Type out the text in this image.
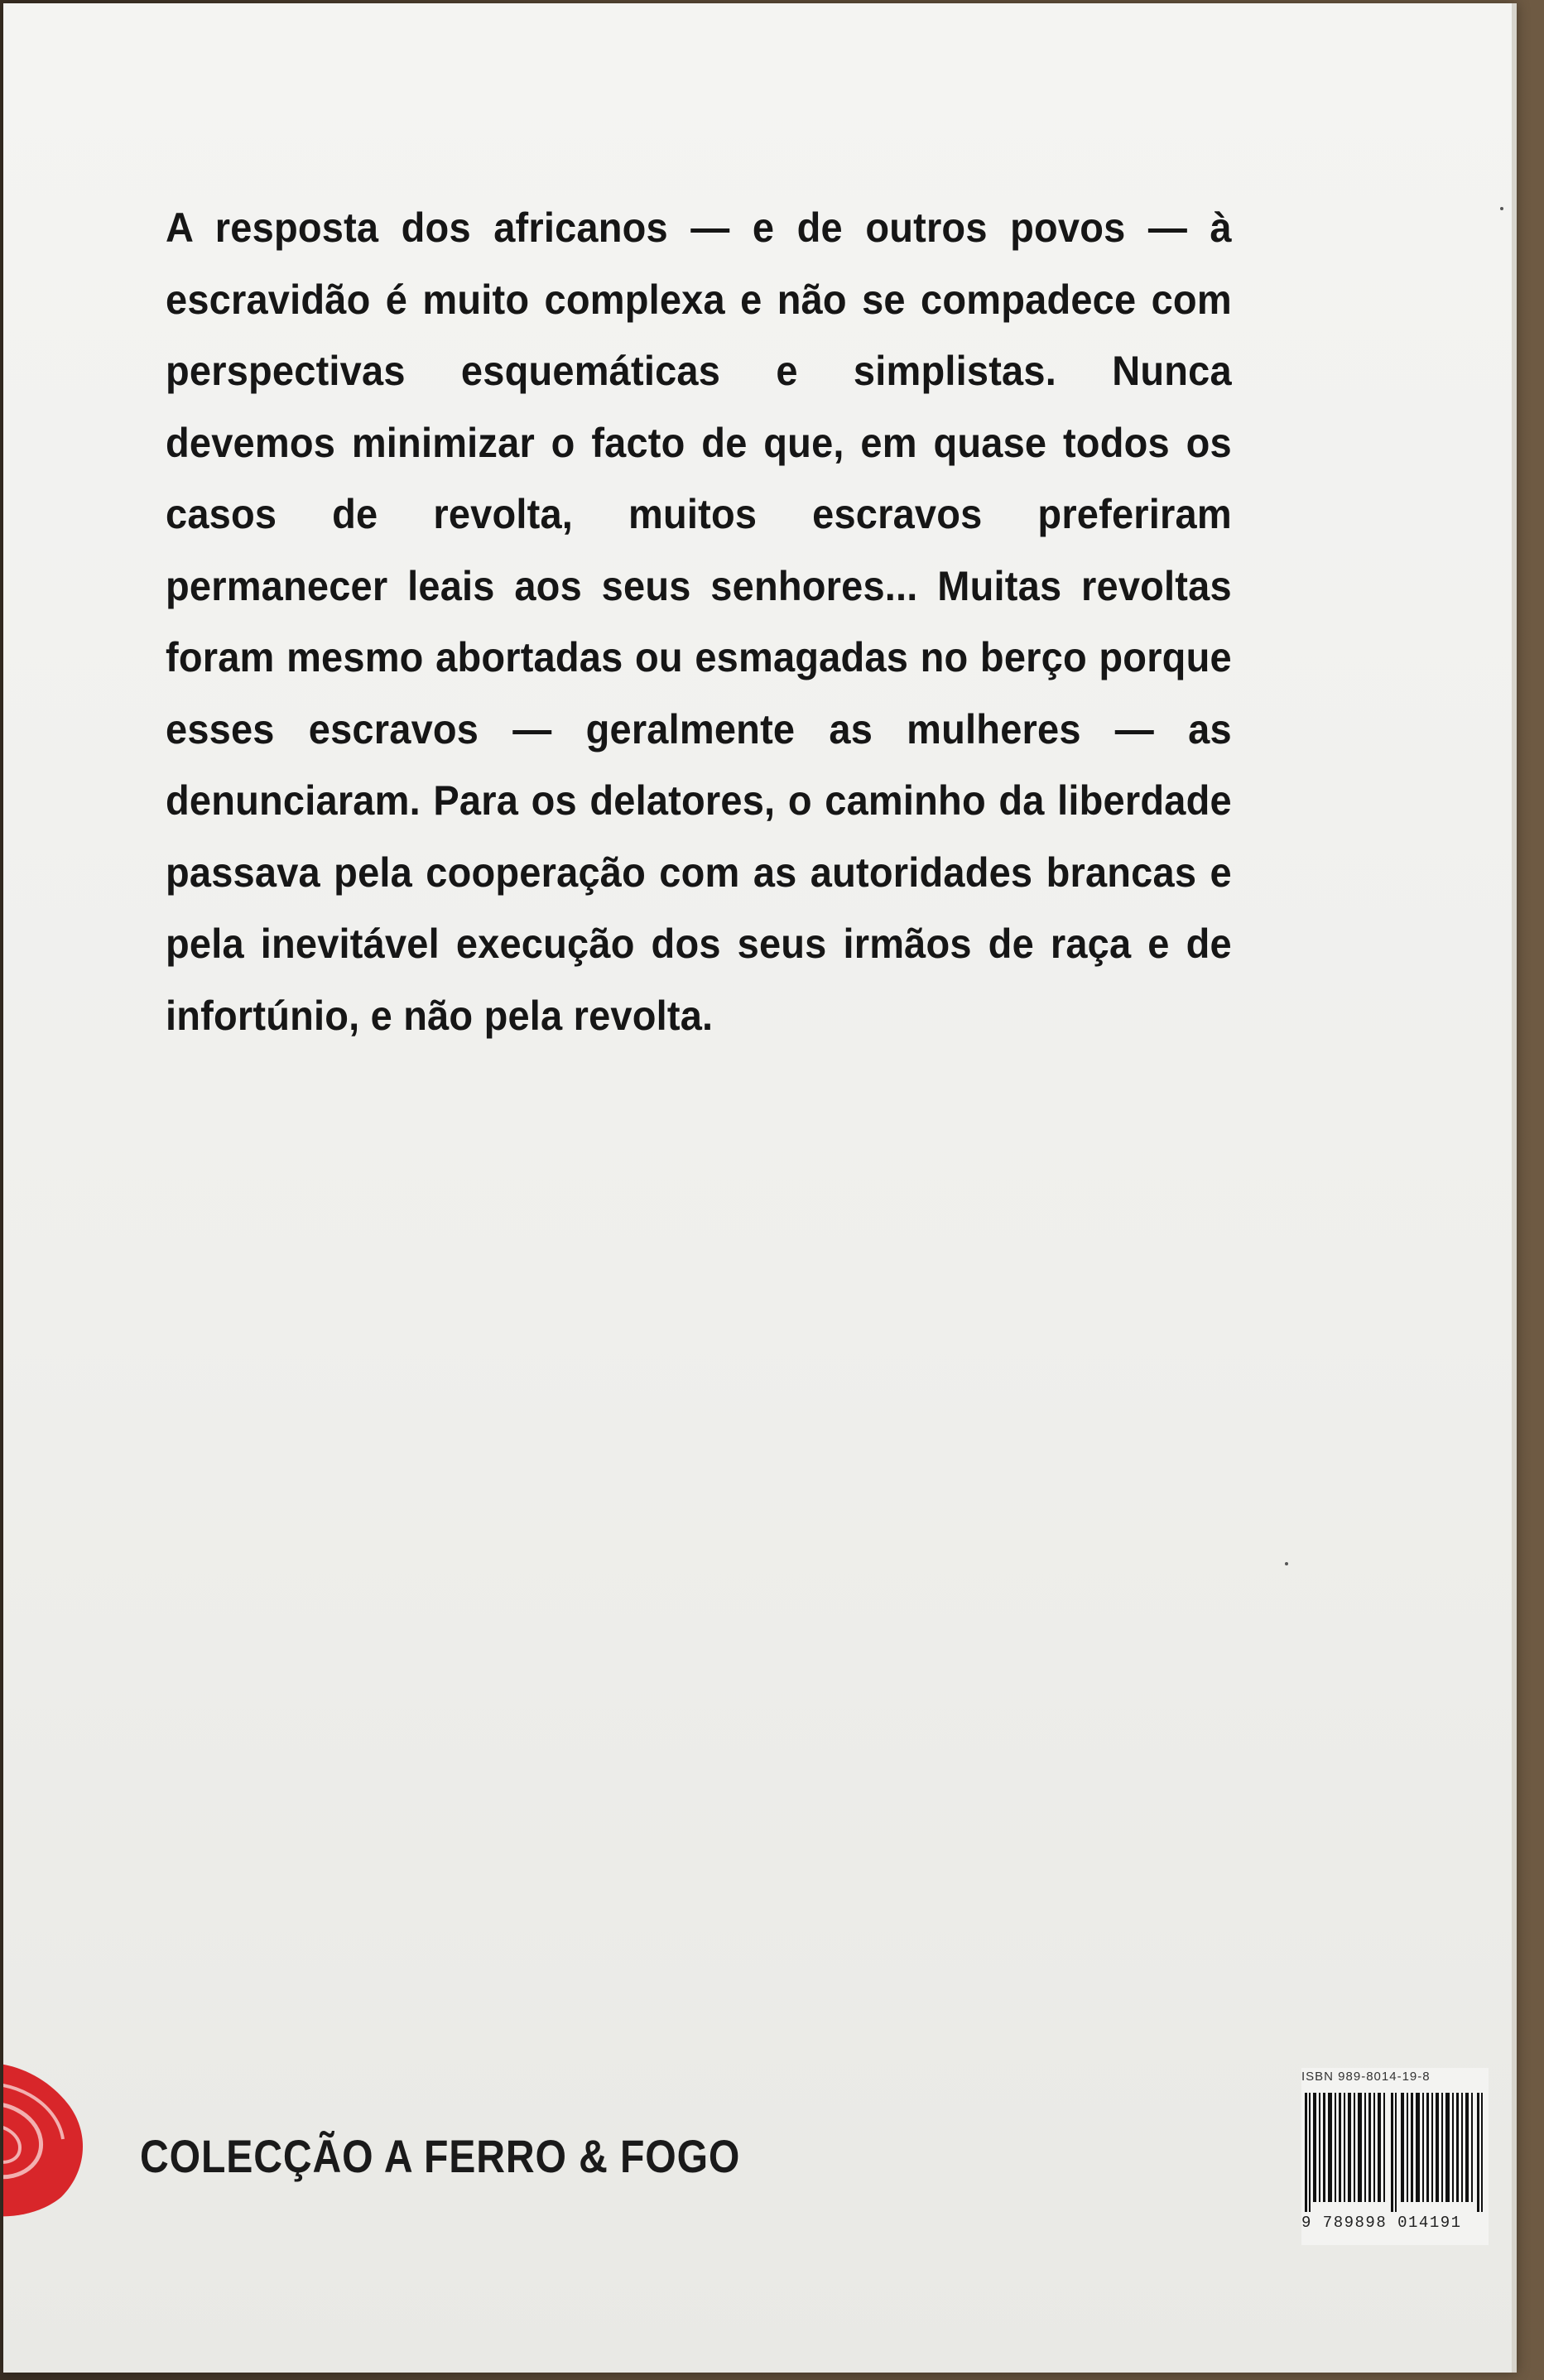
A resposta dos africanos — e de outros povos — à escravidão é muito complexa e não se compadece com perspectivas esquemáticas e simplistas. Nunca devemos minimizar o facto de que, em quase todos os casos de revolta, muitos escravos preferiram permanecer leais aos seus senhores... Muitas revoltas foram mesmo abortadas ou esmagadas no berço porque esses escravos — geralmente as mulheres — as denunciaram. Para os delatores, o caminho da liberdade passava pela cooperação com as autoridades brancas e pela inevitável execução dos seus irmãos de raça e de infortúnio, e não pela revolta.

COLECÇÃO A FERRO & FOGO

ISBN 989-8014-19-8

9 789898 014191
